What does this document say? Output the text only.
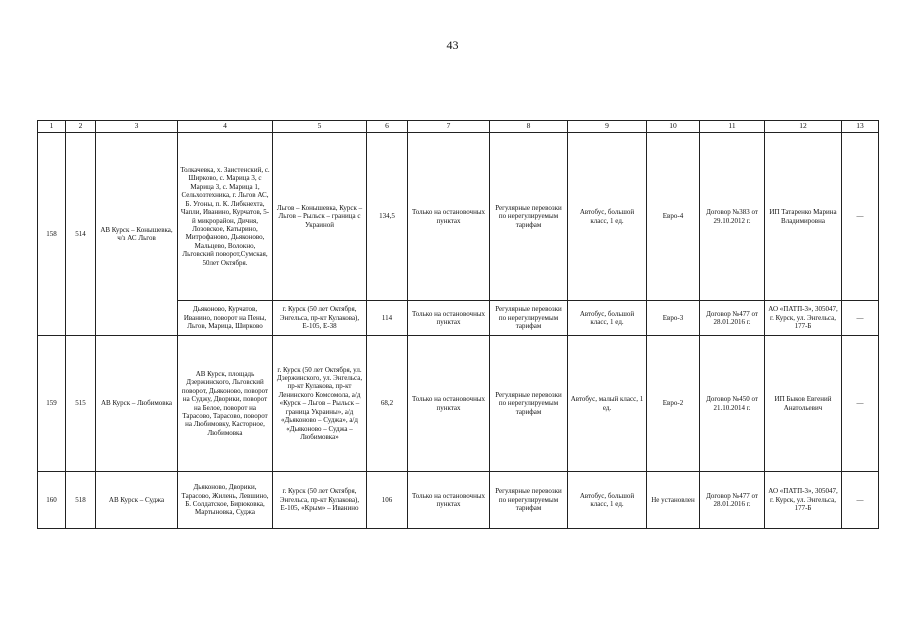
43
1	2	3	4	5	6	7	8	9	10	11	12	13
158	514	АВ Курск – Конышевка, ч/з АС Льгов	Толкачевка, х. Заистенский, с. Ширково, с. Марица 3, с Марица 3, с. Марица 1, Сельхозтехника, г. Льгов АС, Б. Угоны, п. К. Либкнехта, Чапли, Иванино, Курчатов, 5-й микрорайон, Дичня, Лозовское, Катырино, Митрофаново, Дьяконово, Мальцево, Волокно, Льговский поворот,Сумская, 50лет Октября.	Льгов – Конышевка, Курск – Льгов – Рыльск – граница с Украиной	134,5	Только на остановочных пунктах	Регулярные перевозки по нерегулируемым тарифам	Автобус, большой класс, 1 ед.	Евро-4	Договор №383 от 29.10.2012 г.	ИП Татаренко Марина Владимировна	—
			Дьяконово, Курчатов, Иванино, поворот на Пены, Льгов, Марица, Ширково	г. Курск (50 лет Октября, Энгельса, пр-кт Кулакова), Е-105, Е-38	114	Только на остановочных пунктах	Регулярные перевозки по нерегулируемым тарифам	Автобус, большой класс, 1 ед.	Евро-3	Договор №477 от 28.01.2016 г.	АО «ПАТП-3», 305047, г. Курск, ул. Энгельса, 177-Б	—
159	515	АВ Курск – Любимовка	АВ Курск, площадь Дзержинского, Льговский поворот, Дьяконово, поворот на Суджу, Дворики, поворот на Белое, поворот на Тарасово, Тарасово, поворот на Любимовку, Касторное, Любимовка	г. Курск (50 лет Октября, ул. Дзержинского, ул. Энгельса, пр-кт Кулакова, пр-кт Ленинского Комсомола, а/д «Курск – Льгов – Рыльск – граница Украины», а/д «Дьяконово – Суджа», а/д «Дьяконово – Суджа – Любимовка»	68,2	Только на остановочных пунктах	Регулярные перевозки по нерегулируемым тарифам	Автобус, малый класс, 1 ед.	Евро-2	Договор №450 от 21.10.2014 г.	ИП Быков Евгений Анатольевич	—
160	518	АВ Курск – Суджа	Дьяконово, Дворики, Тарасово, Жилень, Левшино, Б. Солдатское, Бирюковка, Мартыновка, Суджа	г. Курск (50 лет Октября, Энгельса, пр-кт Кулакова), Е-105, «Крым» – Иванино	106	Только на остановочных пунктах	Регулярные перевозки по нерегулируемым тарифам	Автобус, большой класс, 1 ед.	Не установлен	Договор №477 от 28.01.2016 г.	АО «ПАТП-3», 305047, г. Курск, ул. Энгельса, 177-Б	—
